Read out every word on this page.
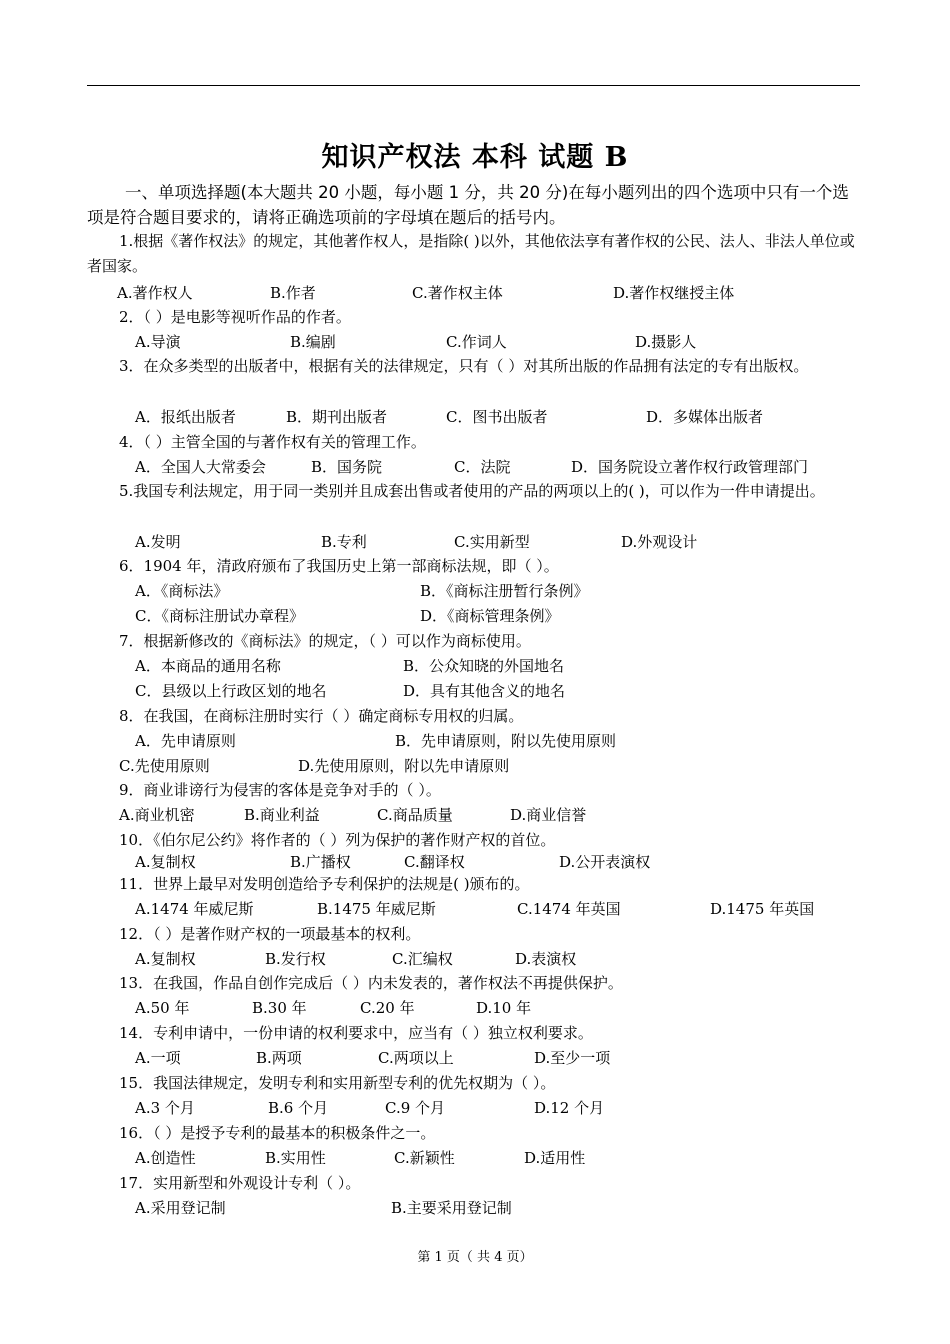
知识产权法 本科 试题 B
一、单项选择题(本大题共 20 小题，每小题 1 分，共 20 分)在每小题列出的四个选项中只有一个选项是符合题目要求的，请将正确选项前的字母填在题后的括号内。
1.根据《著作权法》的规定，其他著作权人，是指除( )以外，其他依法享有著作权的公民、法人、非法人单位或者国家。
A.著作权人	B.作者	C.著作权主体	D.著作权继授主体
2．（ ）是电影等视听作品的作者。
A.导演	B.编剧	C.作词人	D.摄影人
3．在众多类型的出版者中，根据有关的法律规定，只有（ ）对其所出版的作品拥有法定的专有出版权。
A．报纸出版者	B．期刊出版者	C．图书出版者	D．多媒体出版者
4．（ ）主管全国的与著作权有关的管理工作。
A．全国人大常委会	B．国务院	C．法院	D．国务院设立著作权行政管理部门
5.我国专利法规定，用于同一类别并且成套出售或者使用的产品的两项以上的( )，可以作为一件申请提出。
A.发明	B.专利	C.实用新型	D.外观设计
6．1904 年，清政府颁布了我国历史上第一部商标法规，即（ ）。
A．《商标法》	B．《商标注册暂行条例》
C．《商标注册试办章程》	D．《商标管理条例》
7．根据新修改的《商标法》的规定，（ ）可以作为商标使用。
A．本商品的通用名称	B．公众知晓的外国地名
C．县级以上行政区划的地名	D．具有其他含义的地名
8．在我国，在商标注册时实行（ ）确定商标专用权的归属。
A．先申请原则	B．先申请原则，附以先使用原则
C.先使用原则	D.先使用原则，附以先申请原则
9．商业诽谤行为侵害的客体是竞争对手的（ ）。
A.商业机密	B.商业利益	C.商品质量	D.商业信誉
10．《伯尔尼公约》将作者的（ ）列为保护的著作财产权的首位。
A.复制权	B.广播权	C.翻译权	D.公开表演权
11．世界上最早对发明创造给予专利保护的法规是( )颁布的。
A.1474 年威尼斯	B.1475 年威尼斯	C.1474 年英国	D.1475 年英国
12．（ ）是著作财产权的一项最基本的权利。
A.复制权	B.发行权	C.汇编权	D.表演权
13．在我国，作品自创作完成后（ ）内未发表的，著作权法不再提供保护。
A.50 年	B.30 年	C.20 年	D.10 年
14．专利申请中，一份申请的权利要求中，应当有（ ）独立权利要求。
A.一项	B.两项	C.两项以上	D.至少一项
15．我国法律规定，发明专利和实用新型专利的优先权期为（ ）。
A.3 个月	B.6 个月	C.9 个月	D.12 个月
16．（ ）是授予专利的最基本的积极条件之一。
A.创造性	B.实用性	C.新颖性	D.适用性
17．实用新型和外观设计专利（ ）。
A.采用登记制	B.主要采用登记制
第 1 页（ 共 4 页）
